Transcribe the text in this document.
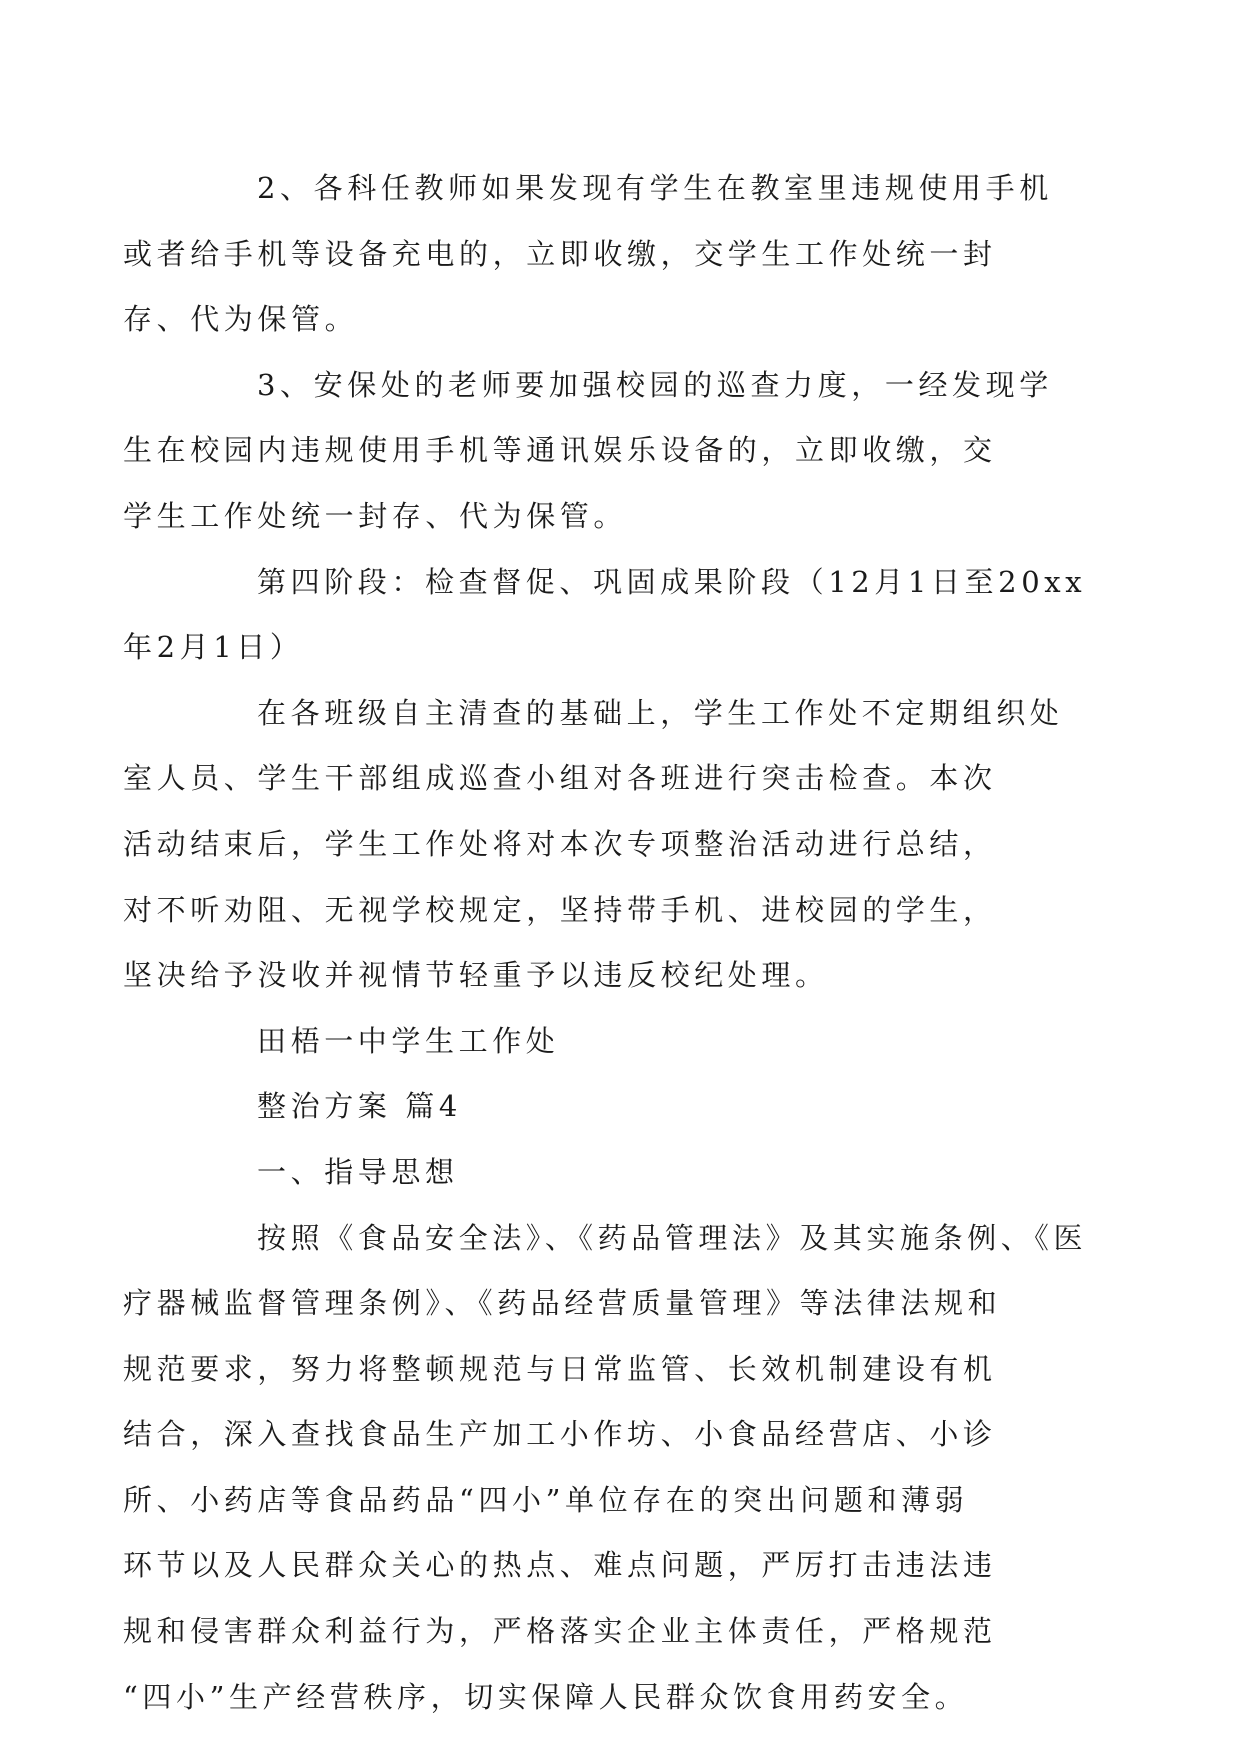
2、各科任教师如果发现有学生在教室里违规使用手机
或者给手机等设备充电的，立即收缴，交学生工作处统一封
存、代为保管。

3、安保处的老师要加强校园的巡查力度，一经发现学
生在校园内违规使用手机等通讯娱乐设备的，立即收缴，交
学生工作处统一封存、代为保管。

第四阶段：检查督促、巩固成果阶段（12月1日至20xx
年2月1日）

在各班级自主清查的基础上，学生工作处不定期组织处
室人员、学生干部组成巡查小组对各班进行突击检查。本次
活动结束后，学生工作处将对本次专项整治活动进行总结，
对不听劝阻、无视学校规定，坚持带手机、进校园的学生，
坚决给予没收并视情节轻重予以违反校纪处理。

田梧一中学生工作处

整治方案 篇4

一、指导思想

按照《食品安全法》、《药品管理法》及其实施条例、《医
疗器械监督管理条例》、《药品经营质量管理》等法律法规和
规范要求，努力将整顿规范与日常监管、长效机制建设有机
结合，深入查找食品生产加工小作坊、小食品经营店、小诊
所、小药店等食品药品“四小”单位存在的突出问题和薄弱
环节以及人民群众关心的热点、难点问题，严厉打击违法违
规和侵害群众利益行为，严格落实企业主体责任，严格规范
“四小”生产经营秩序，切实保障人民群众饮食用药安全。
